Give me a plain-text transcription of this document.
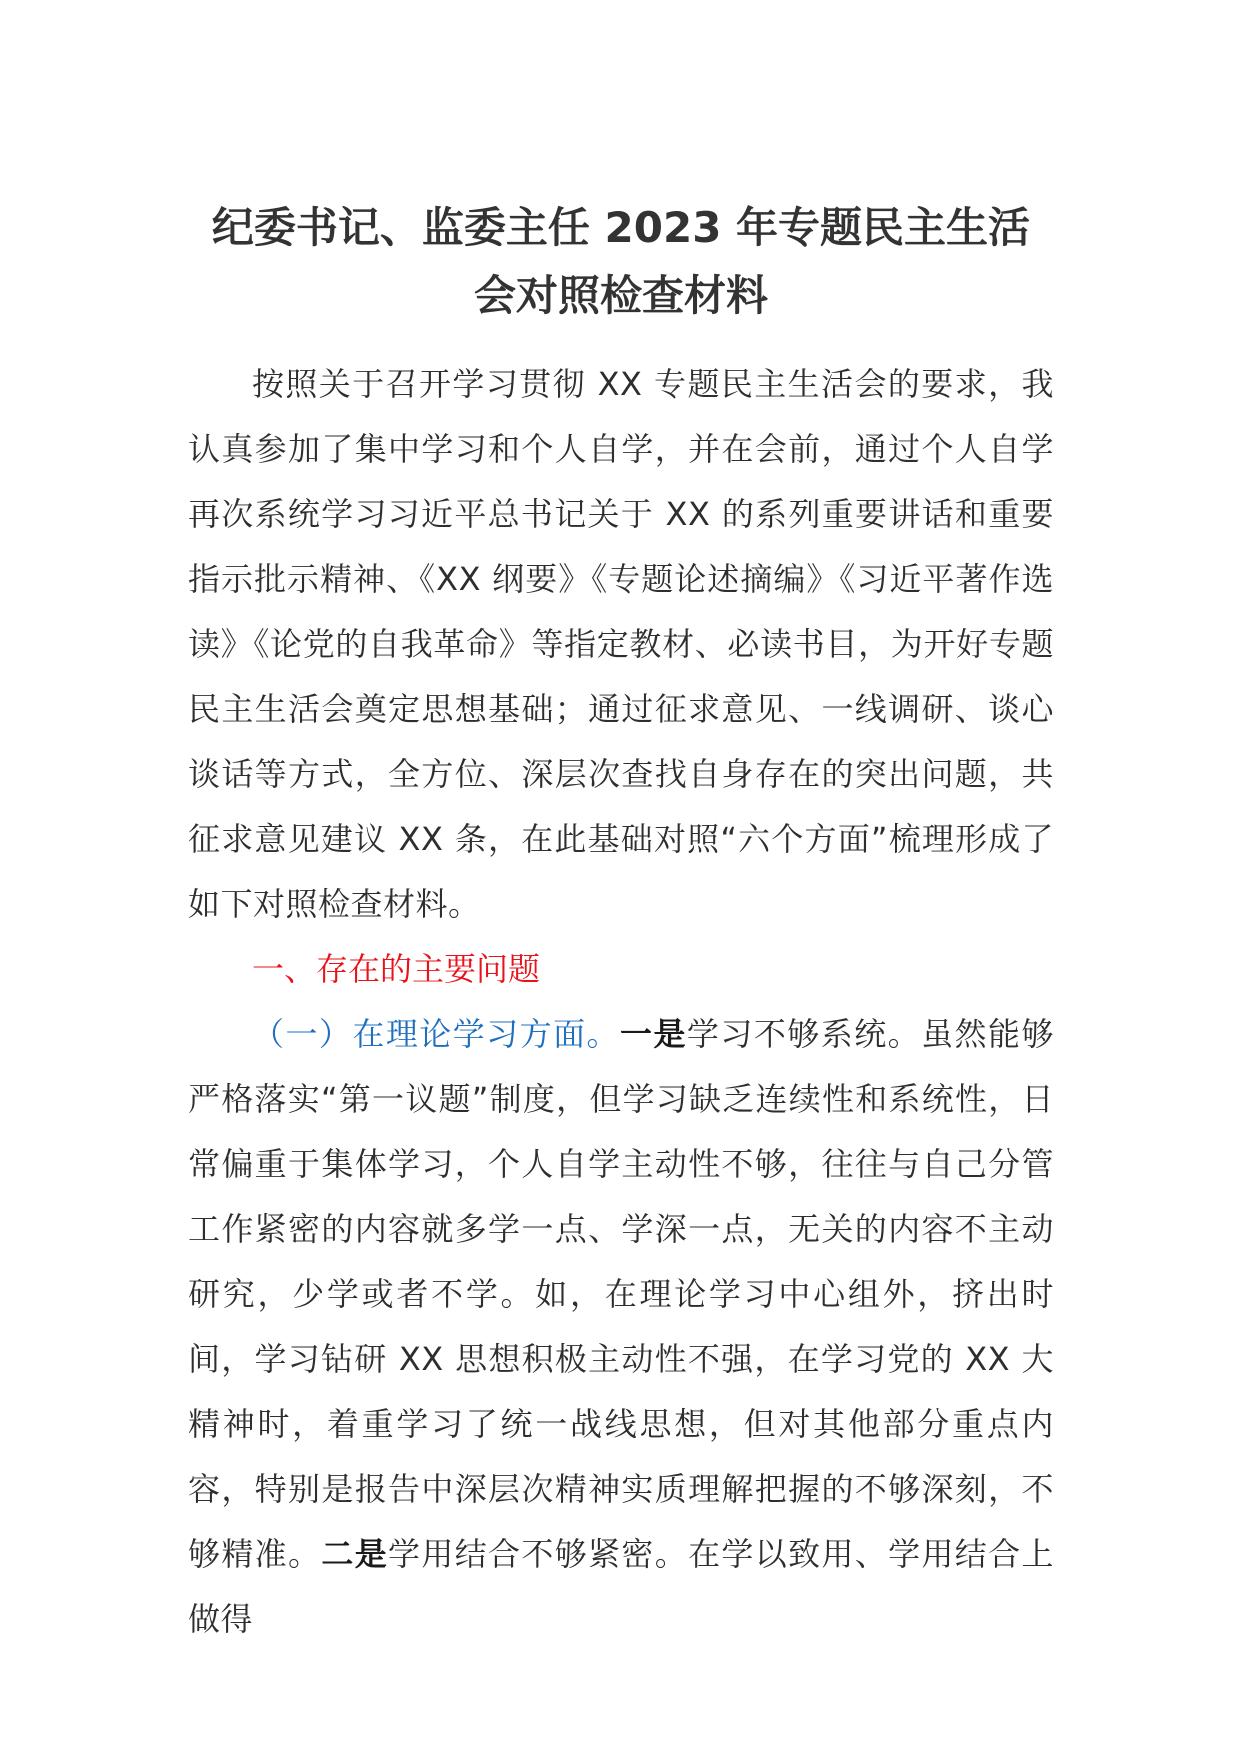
纪委书记、监委主任 2023 年专题民主生活
会对照检查材料

按照关于召开学习贯彻 XX 专题民主生活会的要求，我认真参加了集中学习和个人自学，并在会前，通过个人自学再次系统学习习近平总书记关于 XX 的系列重要讲话和重要指示批示精神、《XX 纲要》《专题论述摘编》《习近平著作选读》《论党的自我革命》等指定教材、必读书目，为开好专题民主生活会奠定思想基础；通过征求意见、一线调研、谈心谈话等方式，全方位、深层次查找自身存在的突出问题，共征求意见建议 XX 条，在此基础对照“六个方面”梳理形成了如下对照检查材料。

一、存在的主要问题

（一）在理论学习方面。一是学习不够系统。虽然能够严格落实“第一议题”制度，但学习缺乏连续性和系统性，日常偏重于集体学习，个人自学主动性不够，往往与自己分管工作紧密的内容就多学一点、学深一点，无关的内容不主动研究，少学或者不学。如，在理论学习中心组外，挤出时间，学习钻研 XX 思想积极主动性不强，在学习党的 XX 大精神时，着重学习了统一战线思想，但对其他部分重点内容，特别是报告中深层次精神实质理解把握的不够深刻，不够精准。二是学用结合不够紧密。在学以致用、学用结合上做得
